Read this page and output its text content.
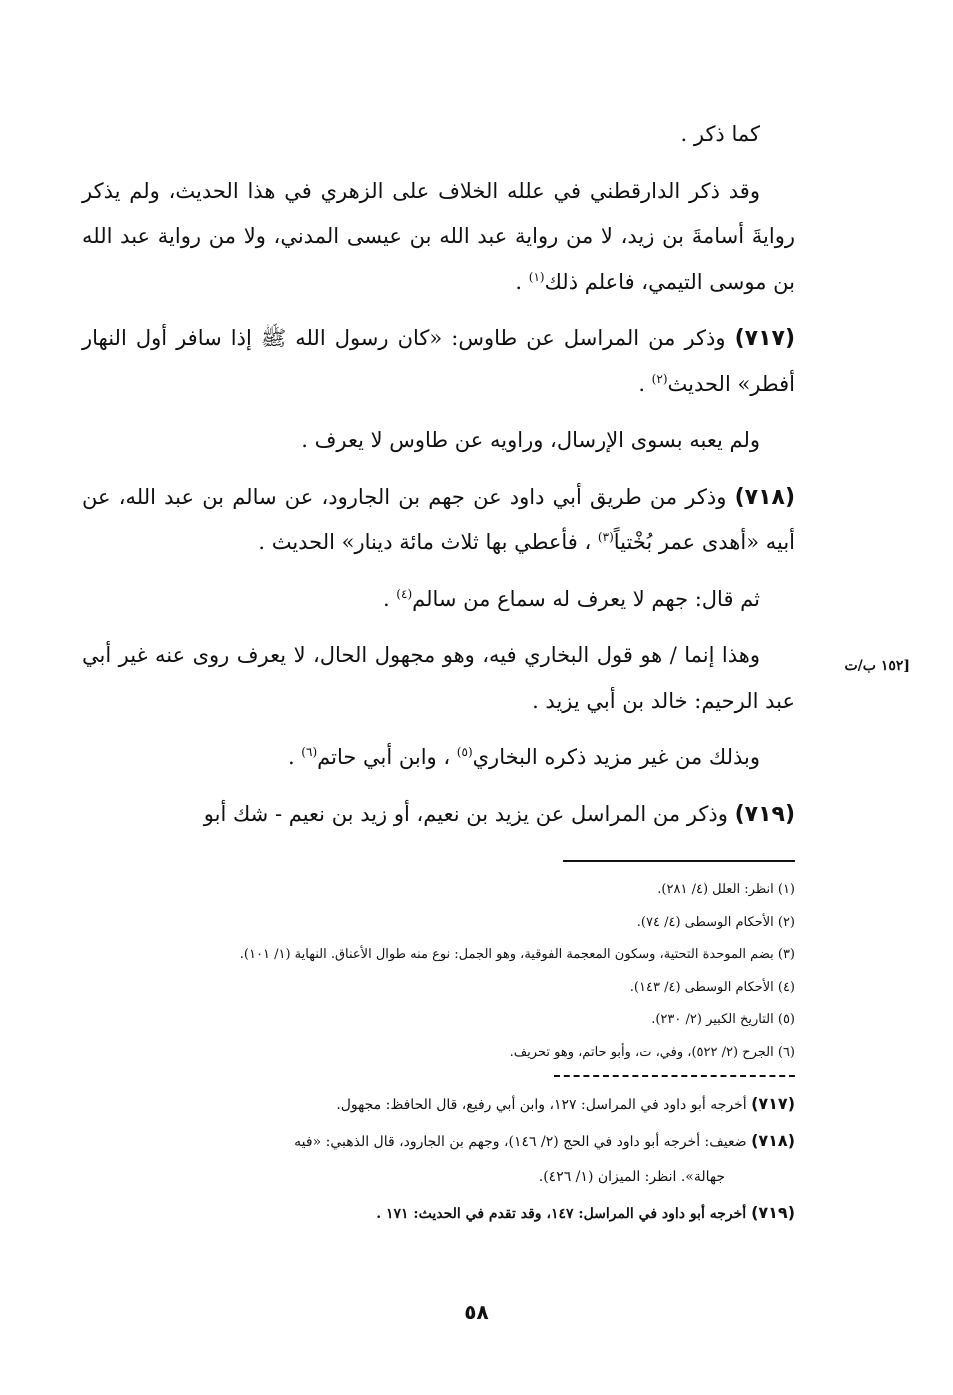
كما ذكر .

وقد ذكر الدارقطني في علله الخلاف على الزهري في هذا الحديث، ولم يذكر روايةَ أسامةَ بن زيد، لا من رواية عبد الله بن عيسى المدني، ولا من رواية عبد الله بن موسى التيمي، فاعلم ذلك$^{(١)}$ .

(٧١٧) وذكر من المراسل عن طاوس: «كان رسول الله ﷺ إذا سافر أول النهار أفطر» الحديث$^{(٢)}$ .

ولم يعبه بسوى الإرسال، وراويه عن طاوس لا يعرف .

(٧١٨) وذكر من طريق أبي داود عن جهم بن الجارود، عن سالم بن عبد الله، عن أبيه «أهدى عمر بُخْتياً$^{(٣)}$ ، فأعطي بها ثلاث مائة دينار» الحديث .

ثم قال: جهم لا يعرف له سماع من سالم$^{(٤)}$ .

وهذا إنما / هو قول البخاري فيه، وهو مجهول الحال، لا يعرف روى عنه غير أبي عبد الرحيم: خالد بن أبي يزيد .

وبذلك من غير مزيد ذكره البخاري$^{(٥)}$ ، وابن أبي حاتم$^{(٦)}$ .

(٧١٩) وذكر من المراسل عن يزيد بن نعيم، أو زيد بن نعيم - شك أبو

[١٥٢ ب/ت
(١) انظر: العلل (٤/ ٢٨١).
(٢) الأحكام الوسطى (٤/ ٧٤).
(٣) بضم الموحدة التحتية، وسكون المعجمة الفوقية، وهو الجمل: نوع منه طوال الأعناق. النهاية (١/ ١٠١).
(٤) الأحكام الوسطى (٤/ ١٤٣).
(٥) التاريخ الكبير (٢/ ٢٣٠).
(٦) الجرح (٢/ ٥٢٢)، وفي، ت، وأبو حاتم، وهو تحريف.
(٧١٧) أخرجه أبو داود في المراسل: ١٢٧، وابن أبي رفيع، قال الحافظ: مجهول.
(٧١٨) ضعيف: أخرجه أبو داود في الحج (٢/ ١٤٦)، وجهم بن الجارود، قال الذهبي: «فيه
جهالة». انظر: الميزان (١/ ٤٢٦).
(٧١٩) أخرجه أبو داود في المراسل: ١٤٧، وقد تقدم في الحديث: ١٧١ .
٥٨
